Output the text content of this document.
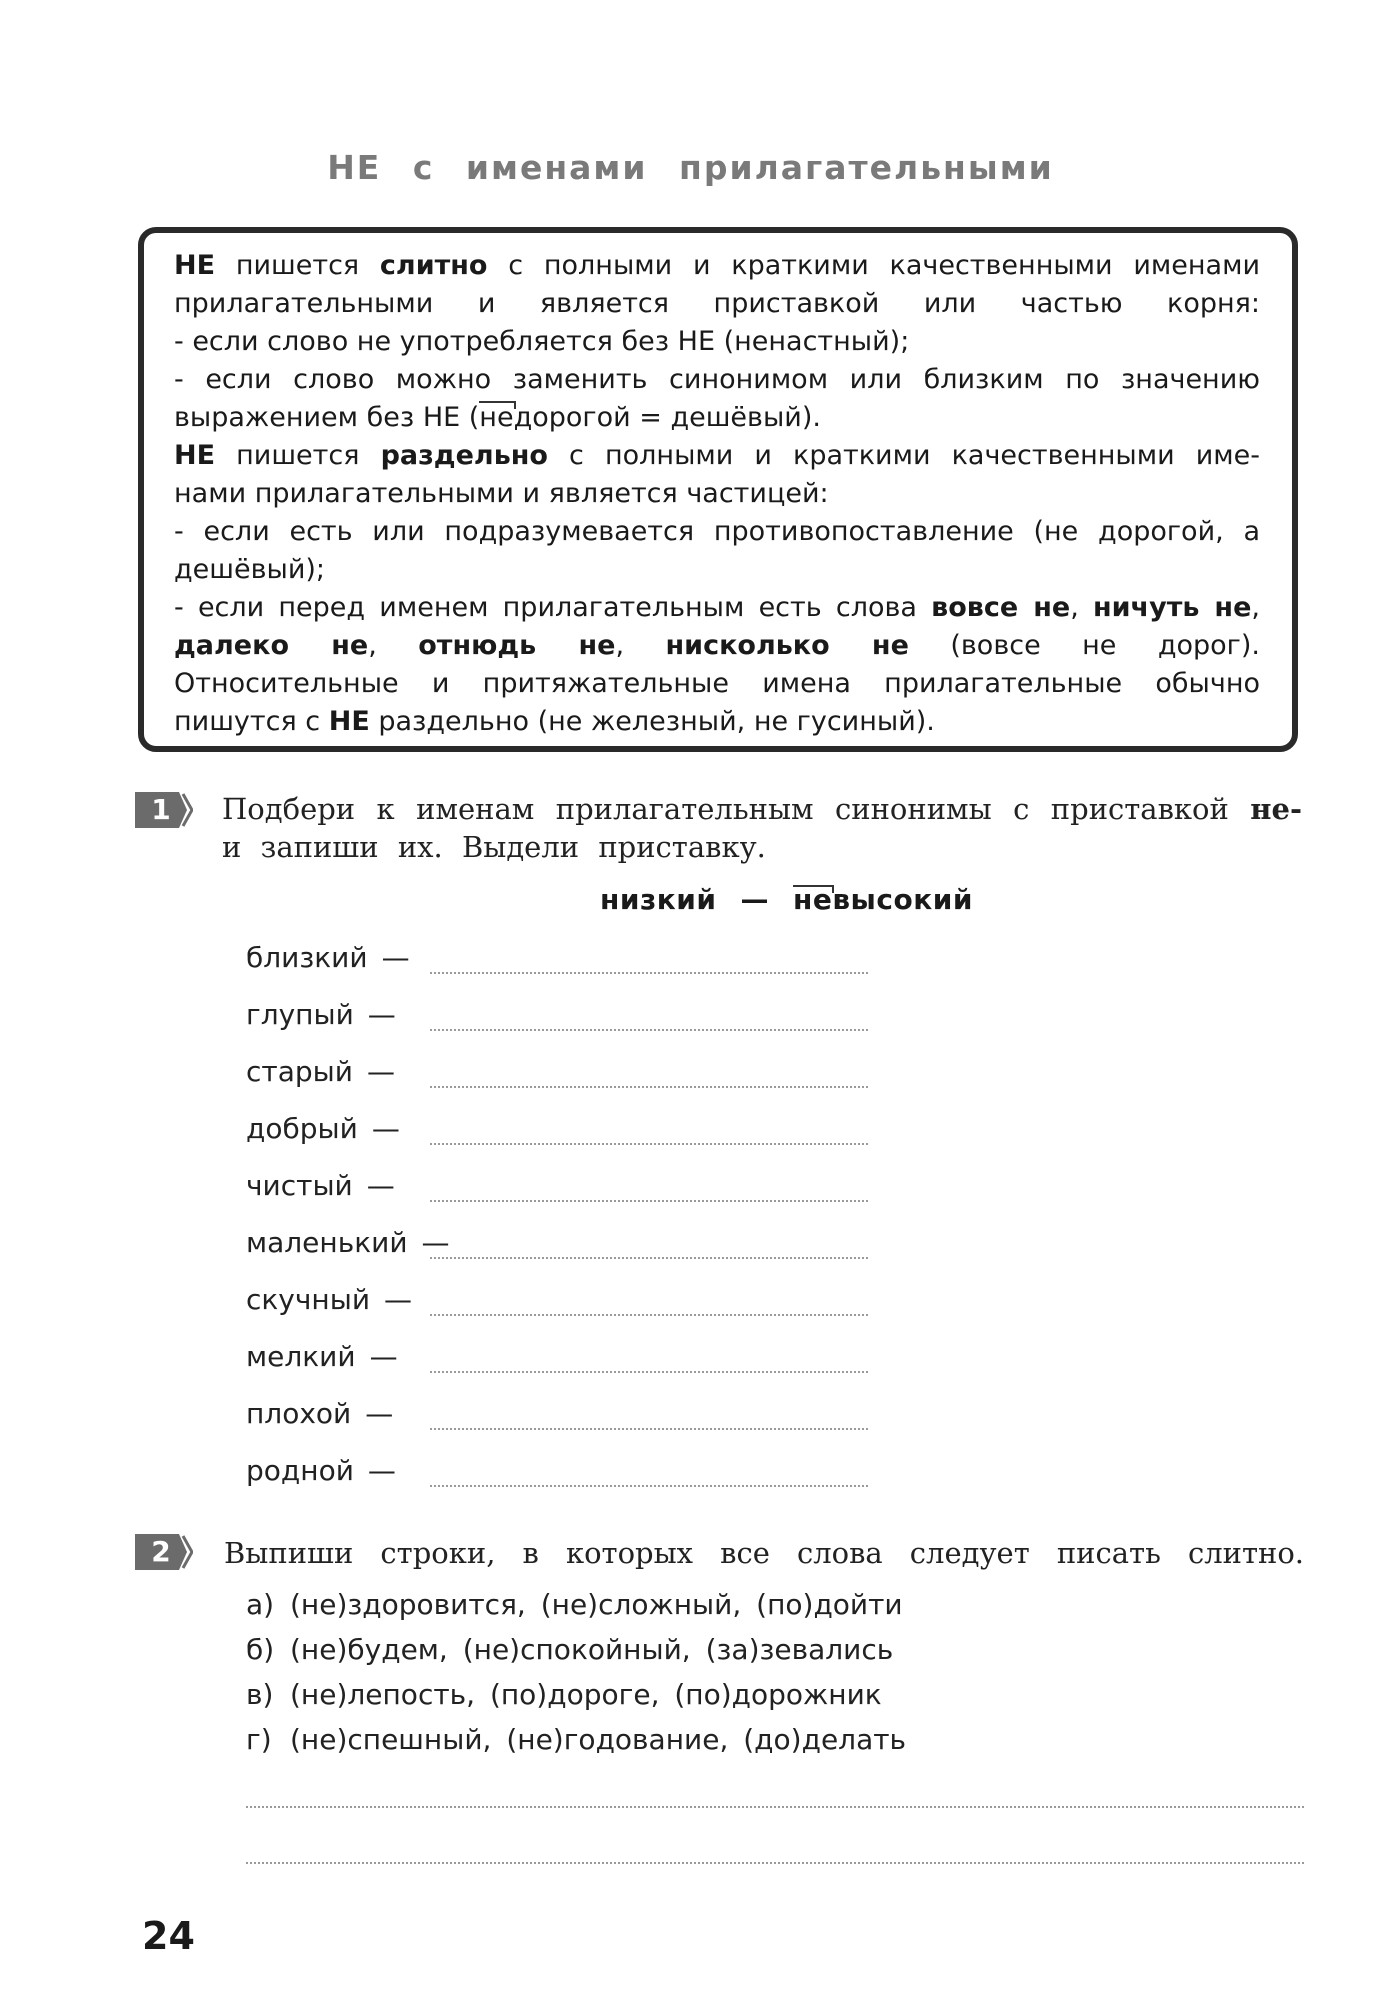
НЕ с именами прилагательными

НЕ пишется слитно с полными и краткими качественными именами

прилагательными и является приставкой или частью корня:

- если слово не употребляется без НЕ (ненастный);

- если слово можно заменить синонимом или близким по значению

выражением без НЕ (недорогой = дешёвый).

НЕ пишется раздельно с полными и краткими качественными име-

нами прилагательными и является частицей:

- если есть или подразумевается противопоставление (не дорогой, а

дешёвый);

- если перед именем прилагательным есть слова вовсе не, ничуть не,

далеко не, отнюдь не, нисколько не (вовсе не дорог).

Относительные и притяжательные имена прилагательные обычно

пишутся с НЕ раздельно (не железный, не гусиный).

1 Подбери к именам прилагательным синонимы с приставкой не-
и запиши их. Выдели приставку.
низкий — невысокий
близкий —
глупый —
старый —
добрый —
чистый —
маленький —
скучный —
мелкий —
плохой —
родной —
2 Выпиши строки, в которых все слова следует писать слитно.
а) (не)здоровится, (не)сложный, (по)дойти
б) (не)будем, (не)спокойный, (за)зевались
в) (не)лепость, (по)дороге, (по)дорожник
г) (не)спешный, (не)годование, (до)делать
24
